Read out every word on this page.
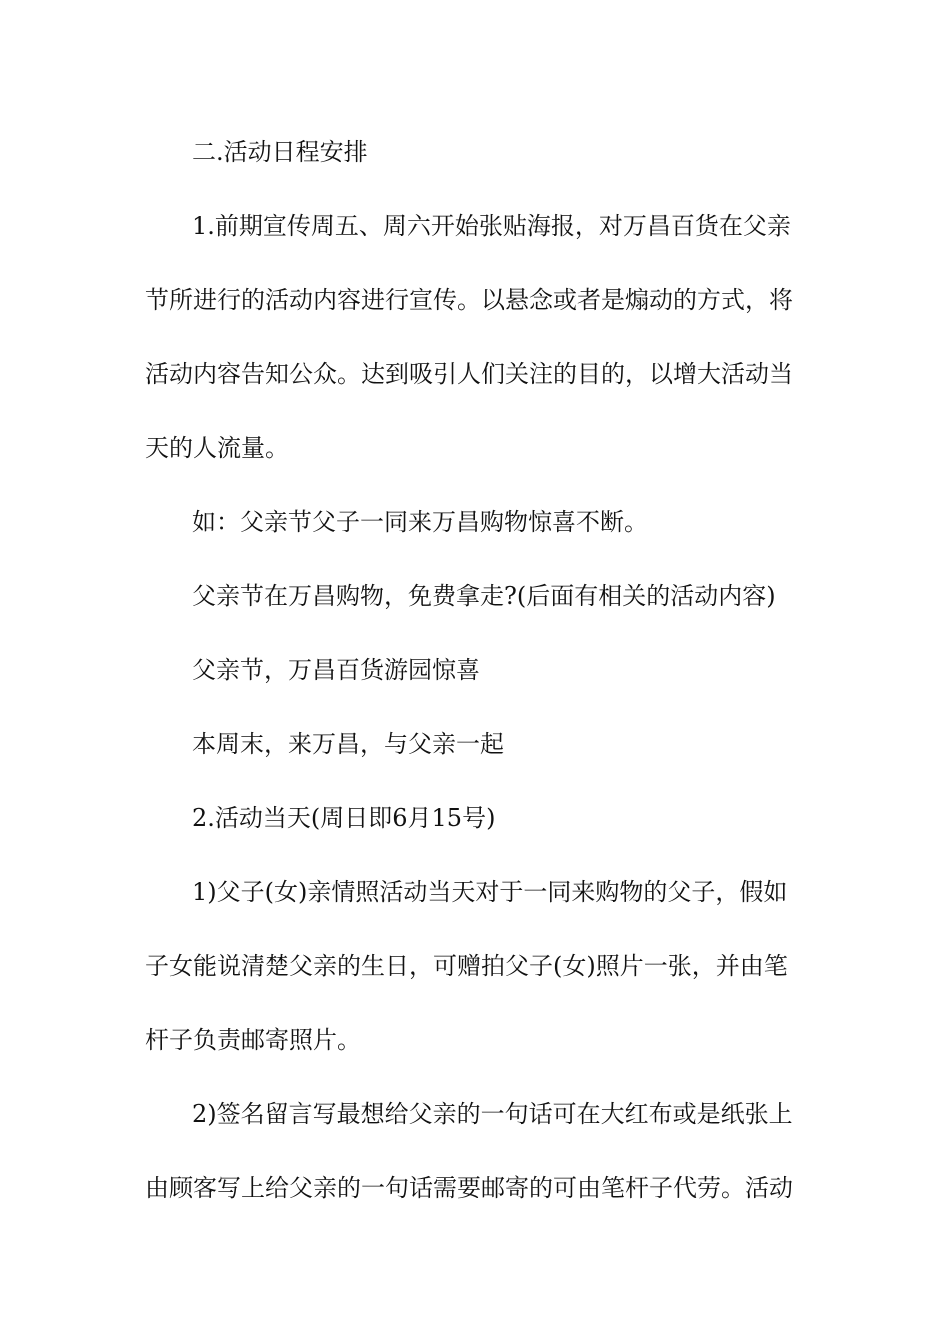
二.活动日程安排

1.前期宣传周五、周六开始张贴海报，对万昌百货在父亲
节所进行的活动内容进行宣传。以悬念或者是煽动的方式，将
活动内容告知公众。达到吸引人们关注的目的，以增大活动当
天的人流量。

如：父亲节父子一同来万昌购物惊喜不断。

父亲节在万昌购物，免费拿走?(后面有相关的活动内容)

父亲节，万昌百货游园惊喜

本周末，来万昌，与父亲一起

2.活动当天(周日即6月15号)

1)父子(女)亲情照活动当天对于一同来购物的父子，假如
子女能说清楚父亲的生日，可赠拍父子(女)照片一张，并由笔
杆子负责邮寄照片。

2)签名留言写最想给父亲的一句话可在大红布或是纸张上
由顾客写上给父亲的一句话需要邮寄的可由笔杆子代劳。活动
